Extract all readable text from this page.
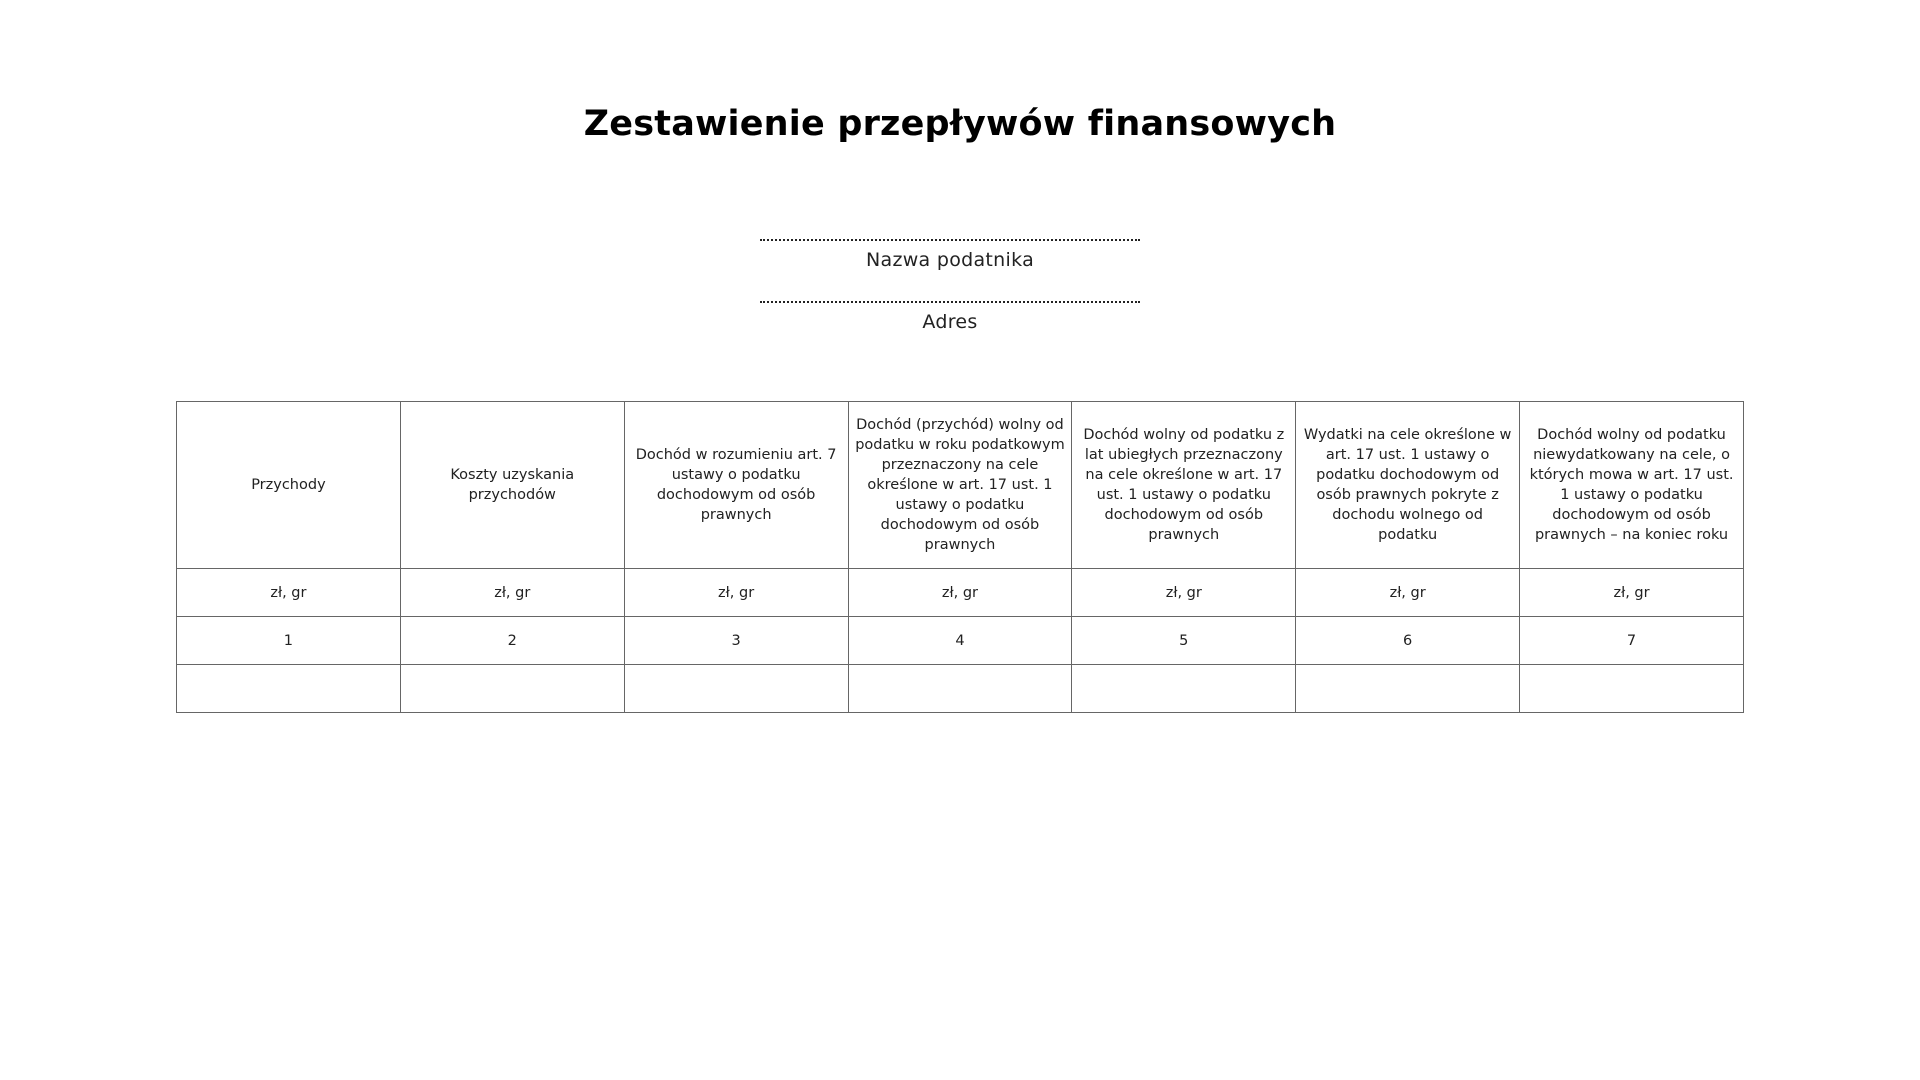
Zestawienie przepływów finansowych
Nazwa podatnika
Adres
Przychody	Koszty uzyskania przychodów	Dochód w rozumieniu art. 7 ustawy o podatku dochodowym od osób prawnych	Dochód (przychód) wolny od podatku w roku podatkowym przeznaczony na cele określone w art. 17 ust. 1 ustawy o podatku dochodowym od osób prawnych	Dochód wolny od podatku z lat ubiegłych przeznaczony na cele określone w art. 17 ust. 1 ustawy o podatku dochodowym od osób prawnych	Wydatki na cele określone w art. 17 ust. 1 ustawy o podatku dochodowym od osób prawnych pokryte z dochodu wolnego od podatku	Dochód wolny od podatku niewydatkowany na cele, o których mowa w art. 17 ust. 1 ustawy o podatku dochodowym od osób prawnych – na koniec roku

zł, gr	zł, gr	zł, gr	zł, gr	zł, gr	zł, gr	zł, gr
1	2	3	4	5	6	7
